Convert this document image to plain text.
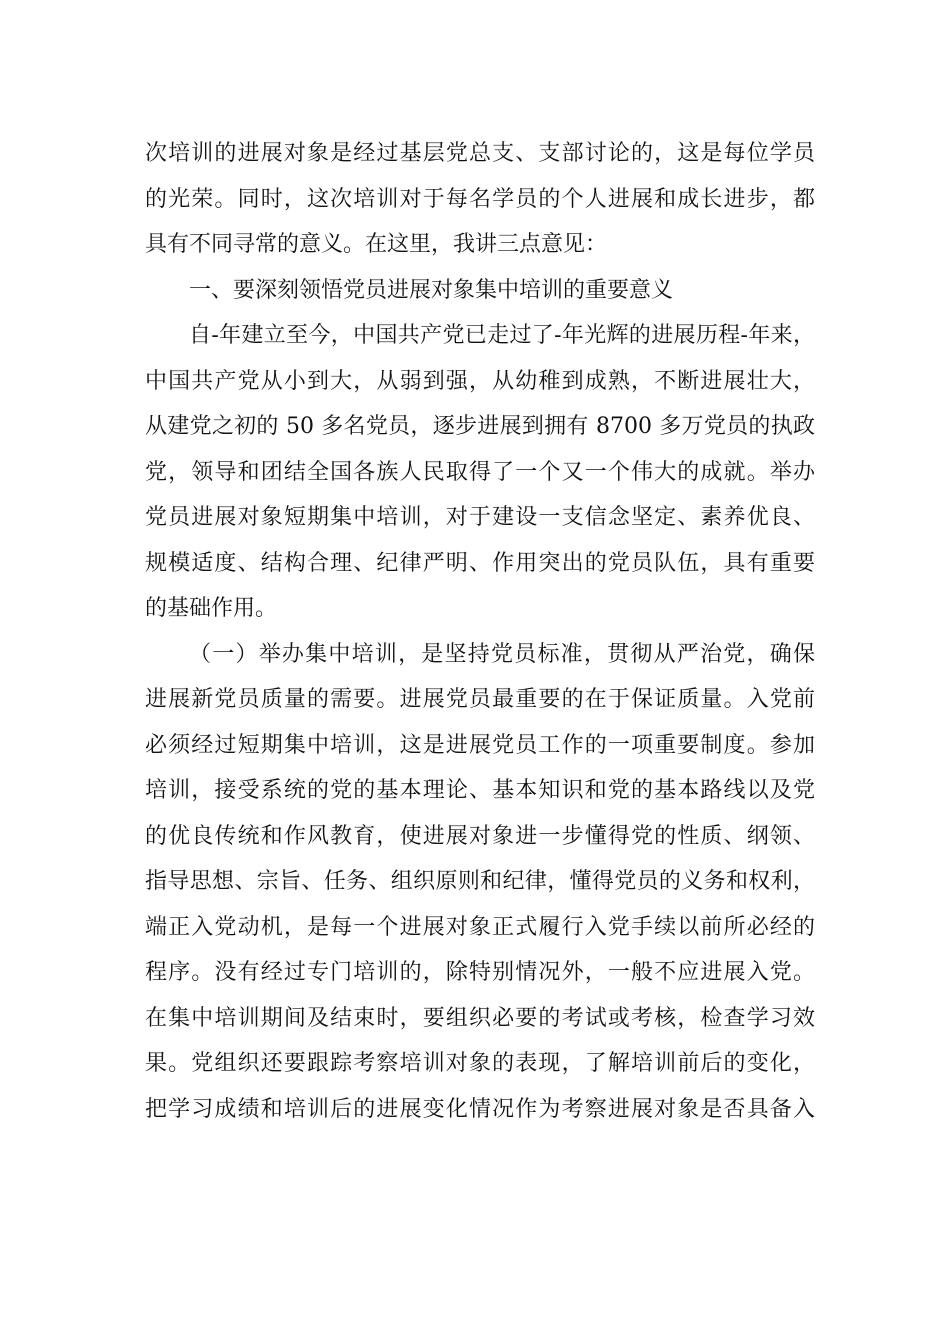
次培训的进展对象是经过基层党总支、支部讨论的，这是每位学员
的光荣。同时，这次培训对于每名学员的个人进展和成长进步，都
具有不同寻常的意义。在这里，我讲三点意见：
一、要深刻领悟党员进展对象集中培训的重要意义
自-年建立至今，中国共产党已走过了-年光辉的进展历程-年来，
中国共产党从小到大，从弱到强，从幼稚到成熟，不断进展壮大，
从建党之初的 50 多名党员，逐步进展到拥有 8700 多万党员的执政
党，领导和团结全国各族人民取得了一个又一个伟大的成就。举办
党员进展对象短期集中培训，对于建设一支信念坚定、素养优良、
规模适度、结构合理、纪律严明、作用突出的党员队伍，具有重要
的基础作用。
（一）举办集中培训，是坚持党员标准，贯彻从严治党，确保
进展新党员质量的需要。进展党员最重要的在于保证质量。入党前
必须经过短期集中培训，这是进展党员工作的一项重要制度。参加
培训，接受系统的党的基本理论、基本知识和党的基本路线以及党
的优良传统和作风教育，使进展对象进一步懂得党的性质、纲领、
指导思想、宗旨、任务、组织原则和纪律，懂得党员的义务和权利，
端正入党动机，是每一个进展对象正式履行入党手续以前所必经的
程序。没有经过专门培训的，除特别情况外，一般不应进展入党。
在集中培训期间及结束时，要组织必要的考试或考核，检查学习效
果。党组织还要跟踪考察培训对象的表现，了解培训前后的变化，
把学习成绩和培训后的进展变化情况作为考察进展对象是否具备入
